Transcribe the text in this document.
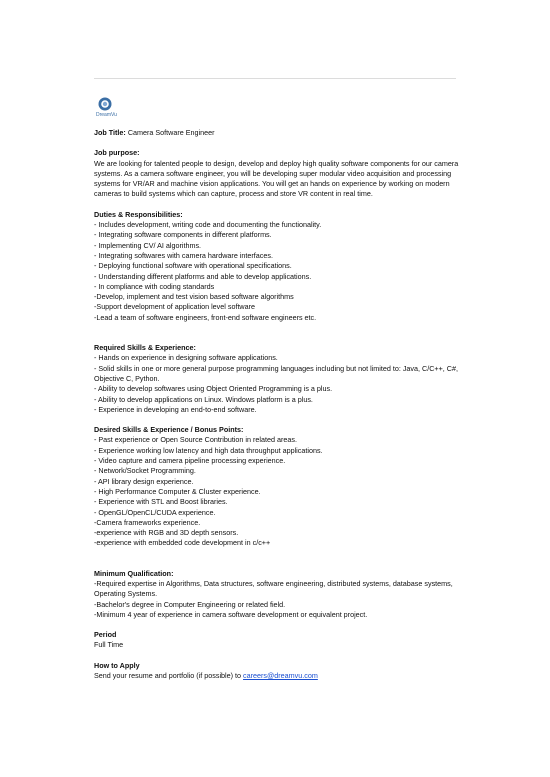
DreamVu

Job Title: Camera Software Engineer

Job purpose:

We are looking for talented people to design, develop and deploy high quality software components for our camera systems. As a camera software engineer, you will be developing super modular video acquisition and processing systems for VR/AR and machine vision applications. You will get an hands on experience by working on modern cameras to build systems which can capture, process and store VR content in real time.

Duties & Responsibilities:

- Includes development, writing code and documenting the functionality.

- Integrating software components in different platforms.

- Implementing CV/ AI algorithms.

- Integrating softwares with camera hardware interfaces.

- Deploying functional software with operational specifications.

- Understanding different platforms and able to develop applications.

- In compliance with coding standards

-Develop, implement and test vision based software algorithms

-Support development of application level software

-Lead a team of software engineers, front-end software engineers etc.

Required Skills & Experience:

- Hands on experience in designing software applications.

- Solid skills in one or more general purpose programming languages including but not limited to: Java, C/C++, C#, Objective C, Python.

- Ability to develop softwares using Object Oriented Programming is a plus.

- Ability to develop applications on Linux. Windows platform is a plus.

- Experience in developing an end-to-end software.

Desired Skills & Experience / Bonus Points:

- Past experience or Open Source Contribution in related areas.

- Experience working low latency and high data throughput applications.

- Video capture and camera pipeline processing experience.

- Network/Socket Programming.

- API library design experience.

- High Performance Computer & Cluster experience.

- Experience with STL and Boost libraries.

- OpenGL/OpenCL/CUDA experience.

-Camera frameworks experience.

-experience with RGB and 3D depth sensors.

-experience with embedded code development in c/c++

Minimum Qualification:

-Required expertise in Algorithms, Data structures, software engineering, distributed systems, database systems, Operating Systems.

-Bachelor's degree in Computer Engineering or related field.

-Minimum 4 year of experience in camera software development or equivalent project.

Period

Full Time

How to Apply

Send your resume and portfolio (if possible) to careers@dreamvu.com
